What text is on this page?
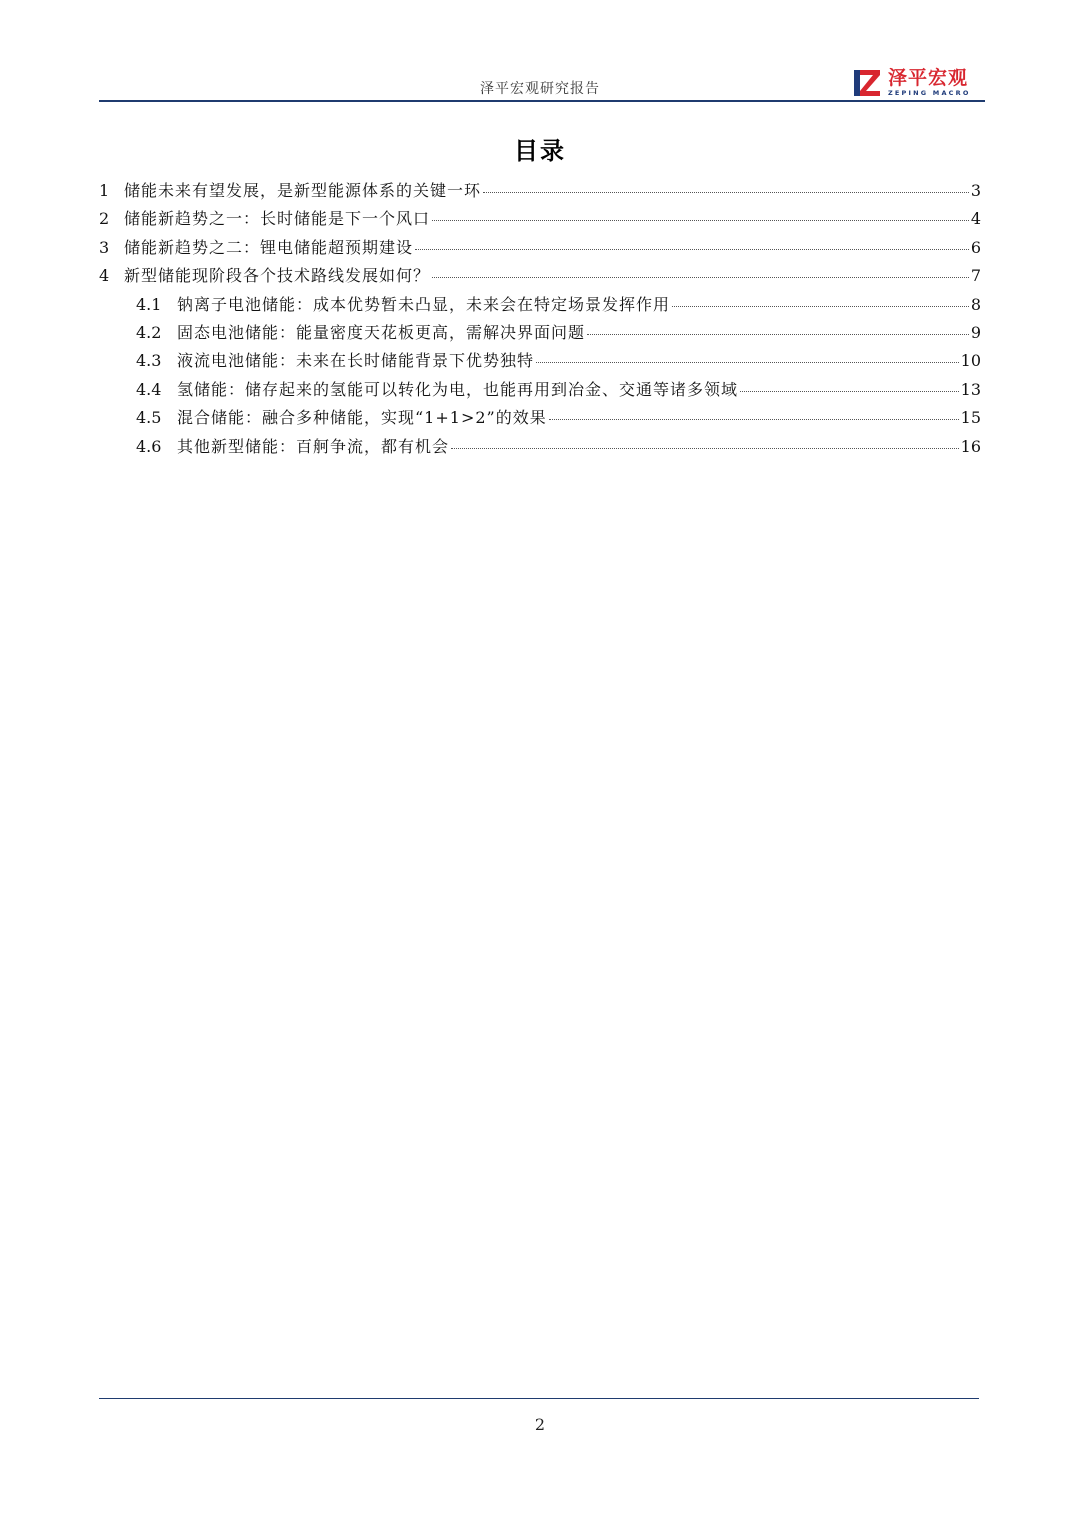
泽平宏观研究报告	泽平宏观
ZEPING MACRO
目录
1 储能未来有望发展，是新型能源体系的关键一环	3
2 储能新趋势之一：长时储能是下一个风口	4
3 储能新趋势之二：锂电储能超预期建设	6
4 新型储能现阶段各个技术路线发展如何？	7
4.1 钠离子电池储能：成本优势暂未凸显，未来会在特定场景发挥作用	8
4.2 固态电池储能：能量密度天花板更高，需解决界面问题	9
4.3 液流电池储能：未来在长时储能背景下优势独特	10
4.4 氢储能：储存起来的氢能可以转化为电，也能再用到冶金、交通等诸多领域	13
4.5 混合储能：融合多种储能，实现“1+1>2”的效果	15
4.6 其他新型储能：百舸争流，都有机会	16
2
